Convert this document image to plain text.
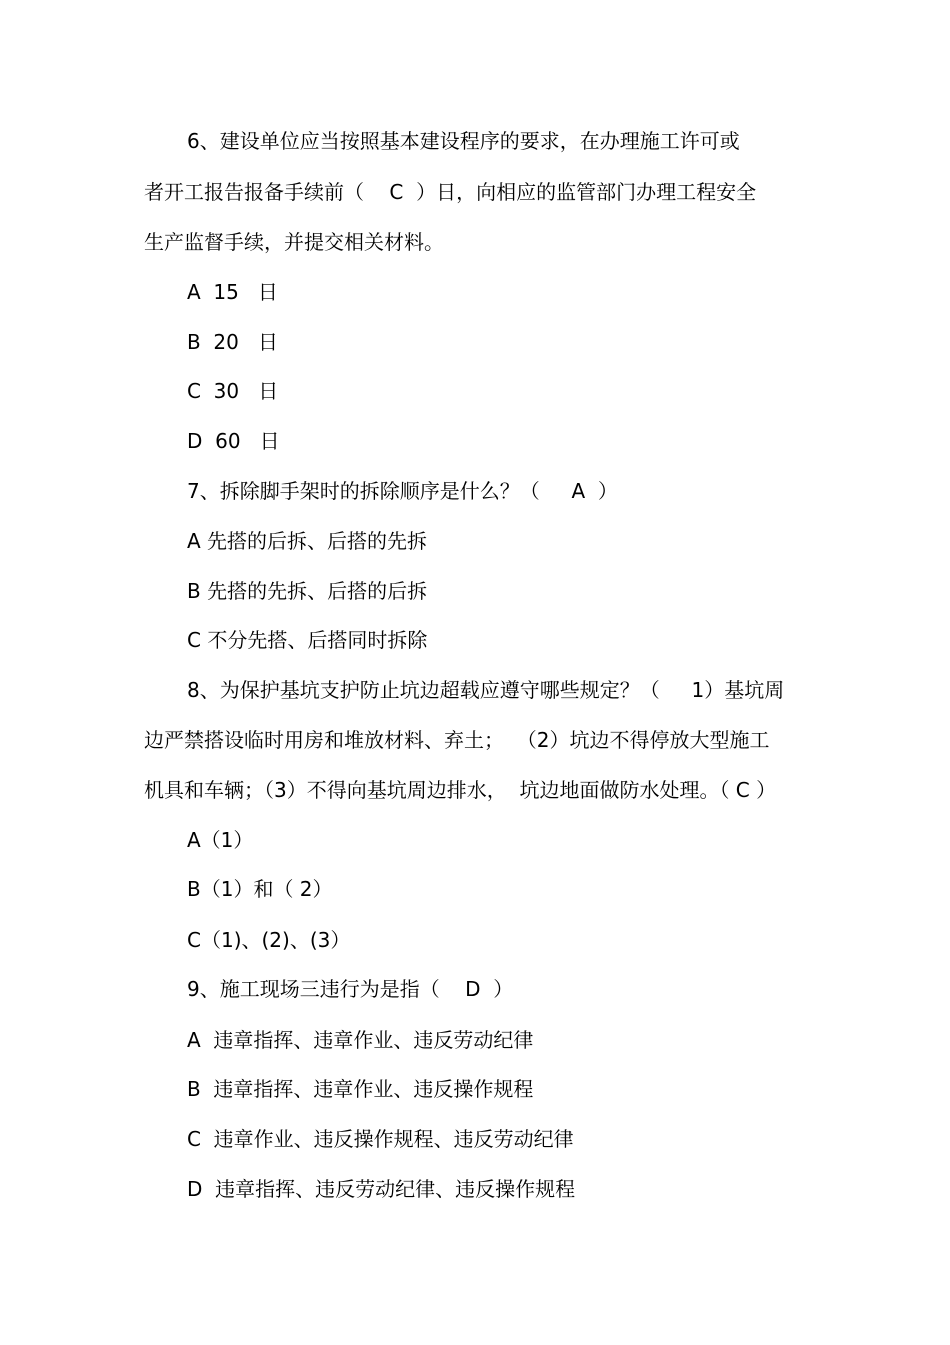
6、建设单位应当按照基本建设程序的要求，在办理施工许可或
者开工报告报备手续前（    C  ）日，向相应的监管部门办理工程安全
生产监督手续，并提交相关材料。
A  15   日
B  20   日
C  30   日
D  60   日
7、拆除脚手架时的拆除顺序是什么？（     A  ）
A 先搭的后拆、后搭的先拆
B 先搭的先拆、后搭的后拆
C 不分先搭、后搭同时拆除
8、为保护基坑支护防止坑边超载应遵守哪些规定？（     1）基坑周
边严禁搭设临时用房和堆放材料、弃土；  （2）坑边不得停放大型施工
机具和车辆；（3）不得向基坑周边排水，  坑边地面做防水处理。（ C ）
A（1）
B（1）和（ 2）
C（1)、(2)、(3）
9、施工现场三违行为是指（    D  ）
A  违章指挥、违章作业、违反劳动纪律
B  违章指挥、违章作业、违反操作规程
C  违章作业、违反操作规程、违反劳动纪律
D  违章指挥、违反劳动纪律、违反操作规程
